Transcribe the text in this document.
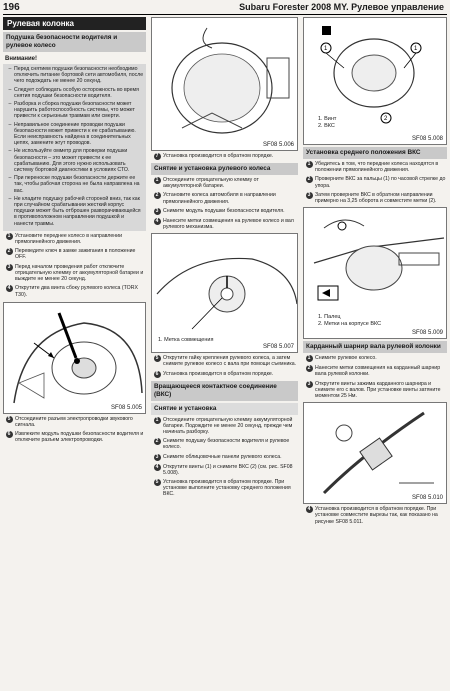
196	Subaru Forester 2008 MY. Рулевое управление
Рулевая колонка
Подушка безопасности водителя и рулевое колесо
Внимание!
– Перед снятием подушки безопасности необходимо отключить питание бортовой сети автомобиля, после чего подождать не менее 20 секунд.
– Следует соблюдать особую осторожность во время снятия подушки безопасности водителя.
– Разборка и сборка подушки безопасности может нарушить работоспособность системы, что может привести к серьезным травмам или смерти.
– Неправильное соединение проводки подушки безопасности может привести к ее срабатыванию. Если неисправность найдена в соединительных цепях, замените жгут проводов.
– Не используйте омметр для проверки подушки безопасности – это может привести к ее срабатыванию. Для этого нужно использовать систему бортовой диагностики в условиях СТО.
– При переноске подушки безопасности держите ее так, чтобы рабочая сторона не была направлена на вас.
– Не кладите подушку рабочей стороной вниз, так как при случайном срабатывании жесткий корпус подушки может быть отброшен разворачивающейся в противоположном направлении подушкой и нанести травмы.
1 Установите переднее колесо в направлении прямолинейного движения.
2 Переведите ключ в замке зажигания в положение OFF.
3 Перед началом проведения работ отключите отрицательную клемму от аккумуляторной батареи и выждите не менее 20 секунд.
4 Открутите два винта сбоку рулевого колеса (TORX T30).
SF08 5.005
5 Отсоедините разъем электропроводки звукового сигнала.
6 Извлеките модуль подушки безопасности водителя и отключите разъем электропроводки.
SF08 5.006
7 Установка производится в обратном порядке.
Снятие и установка рулевого колеса
1 Отсоедините отрицательную клемму от аккумуляторной батареи.
2 Установите колеса автомобиля в направлении прямолинейного движения.
3 Снимите модуль подушки безопасности водителя.
4 Нанесите метки совмещения на рулевое колесо и вал рулевого механизма.
1. Метка совмещения
SF08 5.007
5 Открутите гайку крепления рулевого колеса, а затем снимите рулевое колесо с вала при помощи съемника.
6 Установка производится в обратном порядке.
Вращающееся контактное соединение (ВКС)
Снятие и установка
1 Отсоедините отрицательную клемму аккумуляторной батареи. Подождите не менее 20 секунд, прежде чем начинать разборку.
2 Снимите подушку безопасности водителя и рулевое колесо.
3 Снимите облицовочные панели рулевого колеса.
4 Открутите винты (1) и снимите ВКС (2) (см. рис. SF08 5.008).
5 Установка производится в обратном порядке. При установке выполните установку среднего положения ВКС.
2
1	1
1. Винт
2. ВКС
SF08 5.008
Установка среднего положения ВКС
1 Убедитесь в том, что передние колеса находятся в положении прямолинейного движения.
2 Проверните ВКС за пальцы (1) по часовой стрелке до упора.
3 Затем проверните ВКС в обратном направлении примерно на 3,25 оборота и совместите метки (2).
1. Палец
2. Метки на корпусе ВКС
SF08 5.009
Карданный шарнир вала рулевой колонки
1 Снимите рулевое колесо.
2 Нанесите метки совмещения на карданный шарнир вала рулевой колонки.
3 Открутите винты зажима карданного шарнира и снимите его с валов. При установке винты затяните моментом 25 Нм.
SF08 5.010
4 Установка производится в обратном порядке. При установке совместите вырезы так, как показано на рисунке SF08 5.011.
